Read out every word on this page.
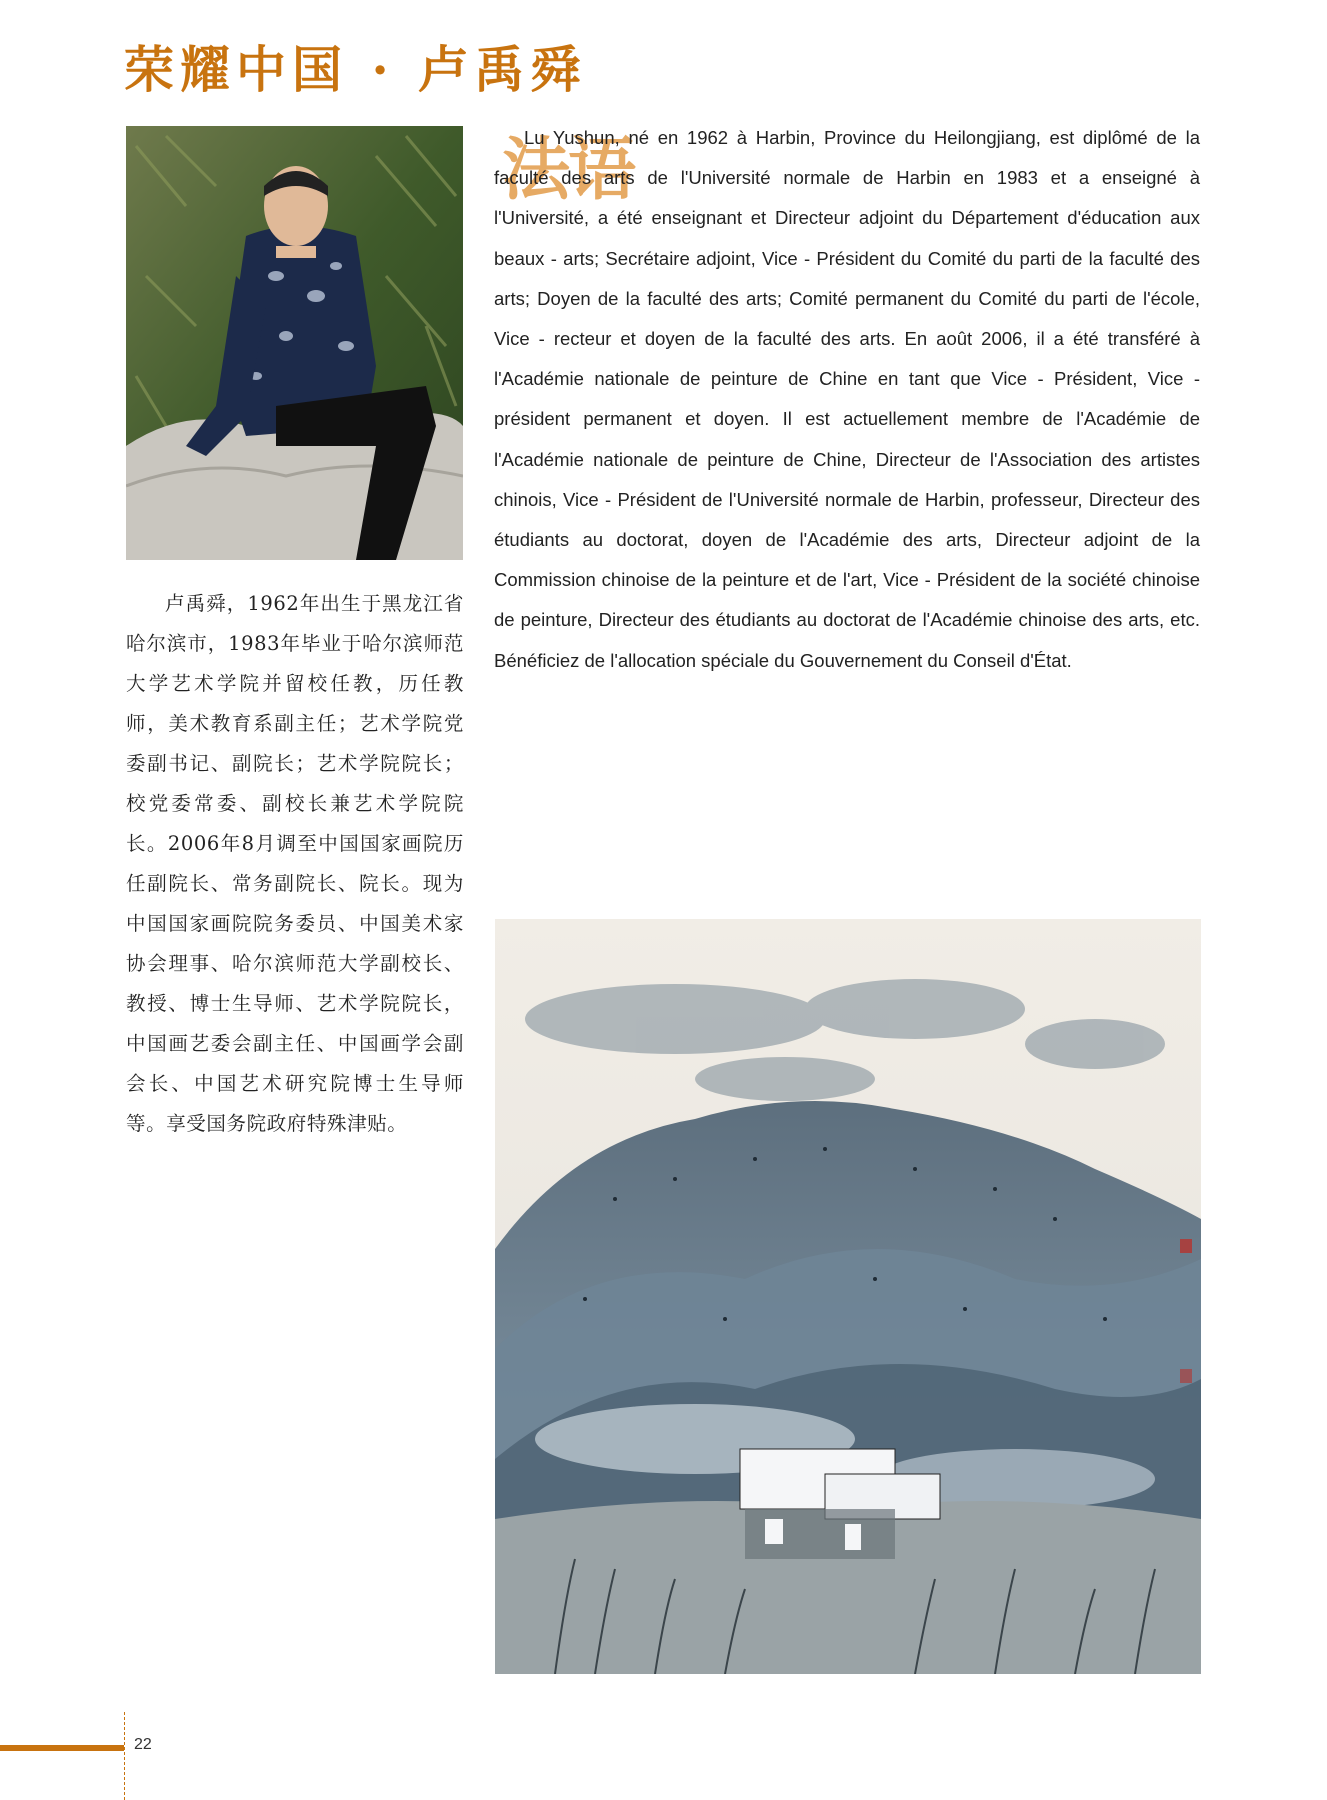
荣耀中国 · 卢禹舜
卢禹舜，1962年出生于黑龙江省哈尔滨市，1983年毕业于哈尔滨师范大学艺术学院并留校任教，历任教师，美术教育系副主任；艺术学院党委副书记、副院长；艺术学院院长；校党委常委、副校长兼艺术学院院长。2006年8月调至中国国家画院历任副院长、常务副院长、院长。现为中国国家画院院务委员、中国美术家协会理事、哈尔滨师范大学副校长、教授、博士生导师、艺术学院院长，中国画艺委会副主任、中国画学会副会长、中国艺术研究院博士生导师等。享受国务院政府特殊津贴。
法语
Lu Yushun, né en 1962 à Harbin, Province du Heilongjiang, est diplômé de la faculté des arts de l'Université normale de Harbin en 1983 et a enseigné à l'Université, a été enseignant et Directeur adjoint du Département d'éducation aux beaux - arts; Secrétaire adjoint, Vice - Président du Comité du parti de la faculté des arts; Doyen de la faculté des arts; Comité permanent du Comité du parti de l'école, Vice - recteur et doyen de la faculté des arts. En août 2006, il a été transféré à l'Académie nationale de peinture de Chine en tant que Vice - Président, Vice - président permanent et doyen. Il est actuellement membre de l'Académie de l'Académie nationale de peinture de Chine, Directeur de l'Association des artistes chinois, Vice - Président de l'Université normale de Harbin, professeur, Directeur des étudiants au doctorat, doyen de l'Académie des arts, Directeur adjoint de la Commission chinoise de la peinture et de l'art, Vice - Président de la société chinoise de peinture, Directeur des étudiants au doctorat de l'Académie chinoise des arts, etc. Bénéficiez de l'allocation spéciale du Gouvernement du Conseil d'État.
22
